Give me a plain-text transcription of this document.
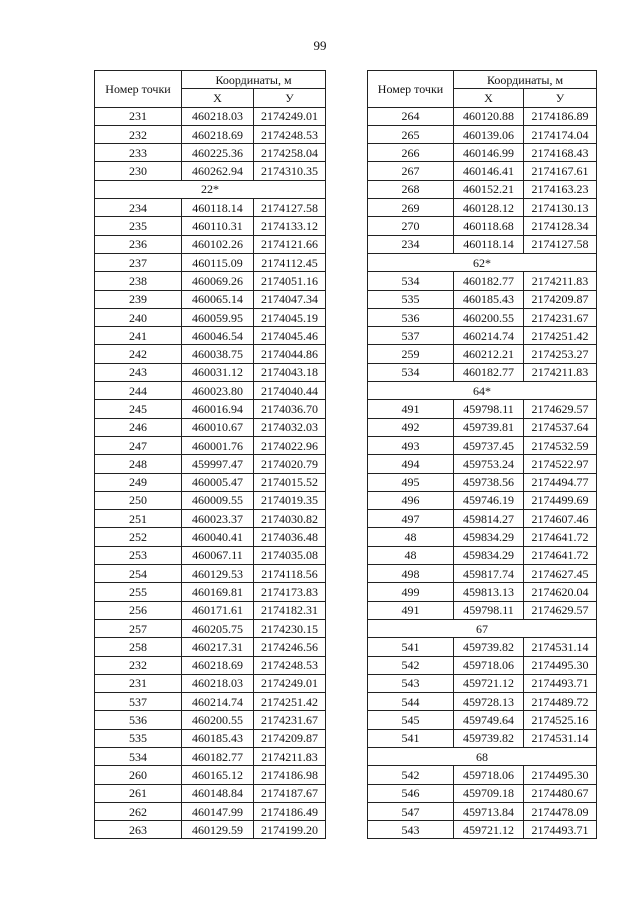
99
Номер точки	Координаты, м	
	X	У
231	460218.03	2174249.01
232	460218.69	2174248.53
233	460225.36	2174258.04
230	460262.94	2174310.35
22*		
234	460118.14	2174127.58
235	460110.31	2174133.12
236	460102.26	2174121.66
237	460115.09	2174112.45
238	460069.26	2174051.16
239	460065.14	2174047.34
240	460059.95	2174045.19
241	460046.54	2174045.46
242	460038.75	2174044.86
243	460031.12	2174043.18
244	460023.80	2174040.44
245	460016.94	2174036.70
246	460010.67	2174032.03
247	460001.76	2174022.96
248	459997.47	2174020.79
249	460005.47	2174015.52
250	460009.55	2174019.35
251	460023.37	2174030.82
252	460040.41	2174036.48
253	460067.11	2174035.08
254	460129.53	2174118.56
255	460169.81	2174173.83
256	460171.61	2174182.31
257	460205.75	2174230.15
258	460217.31	2174246.56
232	460218.69	2174248.53
231	460218.03	2174249.01
537	460214.74	2174251.42
536	460200.55	2174231.67
535	460185.43	2174209.87
534	460182.77	2174211.83
260	460165.12	2174186.98
261	460148.84	2174187.67
262	460147.99	2174186.49
263	460129.59	2174199.20
Номер точки	Координаты, м	
	X	У
264	460120.88	2174186.89
265	460139.06	2174174.04
266	460146.99	2174168.43
267	460146.41	2174167.61
268	460152.21	2174163.23
269	460128.12	2174130.13
270	460118.68	2174128.34
234	460118.14	2174127.58
62*		
534	460182.77	2174211.83
535	460185.43	2174209.87
536	460200.55	2174231.67
537	460214.74	2174251.42
259	460212.21	2174253.27
534	460182.77	2174211.83
64*		
491	459798.11	2174629.57
492	459739.81	2174537.64
493	459737.45	2174532.59
494	459753.24	2174522.97
495	459738.56	2174494.77
496	459746.19	2174499.69
497	459814.27	2174607.46
48	459834.29	2174641.72
48	459834.29	2174641.72
498	459817.74	2174627.45
499	459813.13	2174620.04
491	459798.11	2174629.57
67		
541	459739.82	2174531.14
542	459718.06	2174495.30
543	459721.12	2174493.71
544	459728.13	2174489.72
545	459749.64	2174525.16
541	459739.82	2174531.14
68		
542	459718.06	2174495.30
546	459709.18	2174480.67
547	459713.84	2174478.09
543	459721.12	2174493.71
